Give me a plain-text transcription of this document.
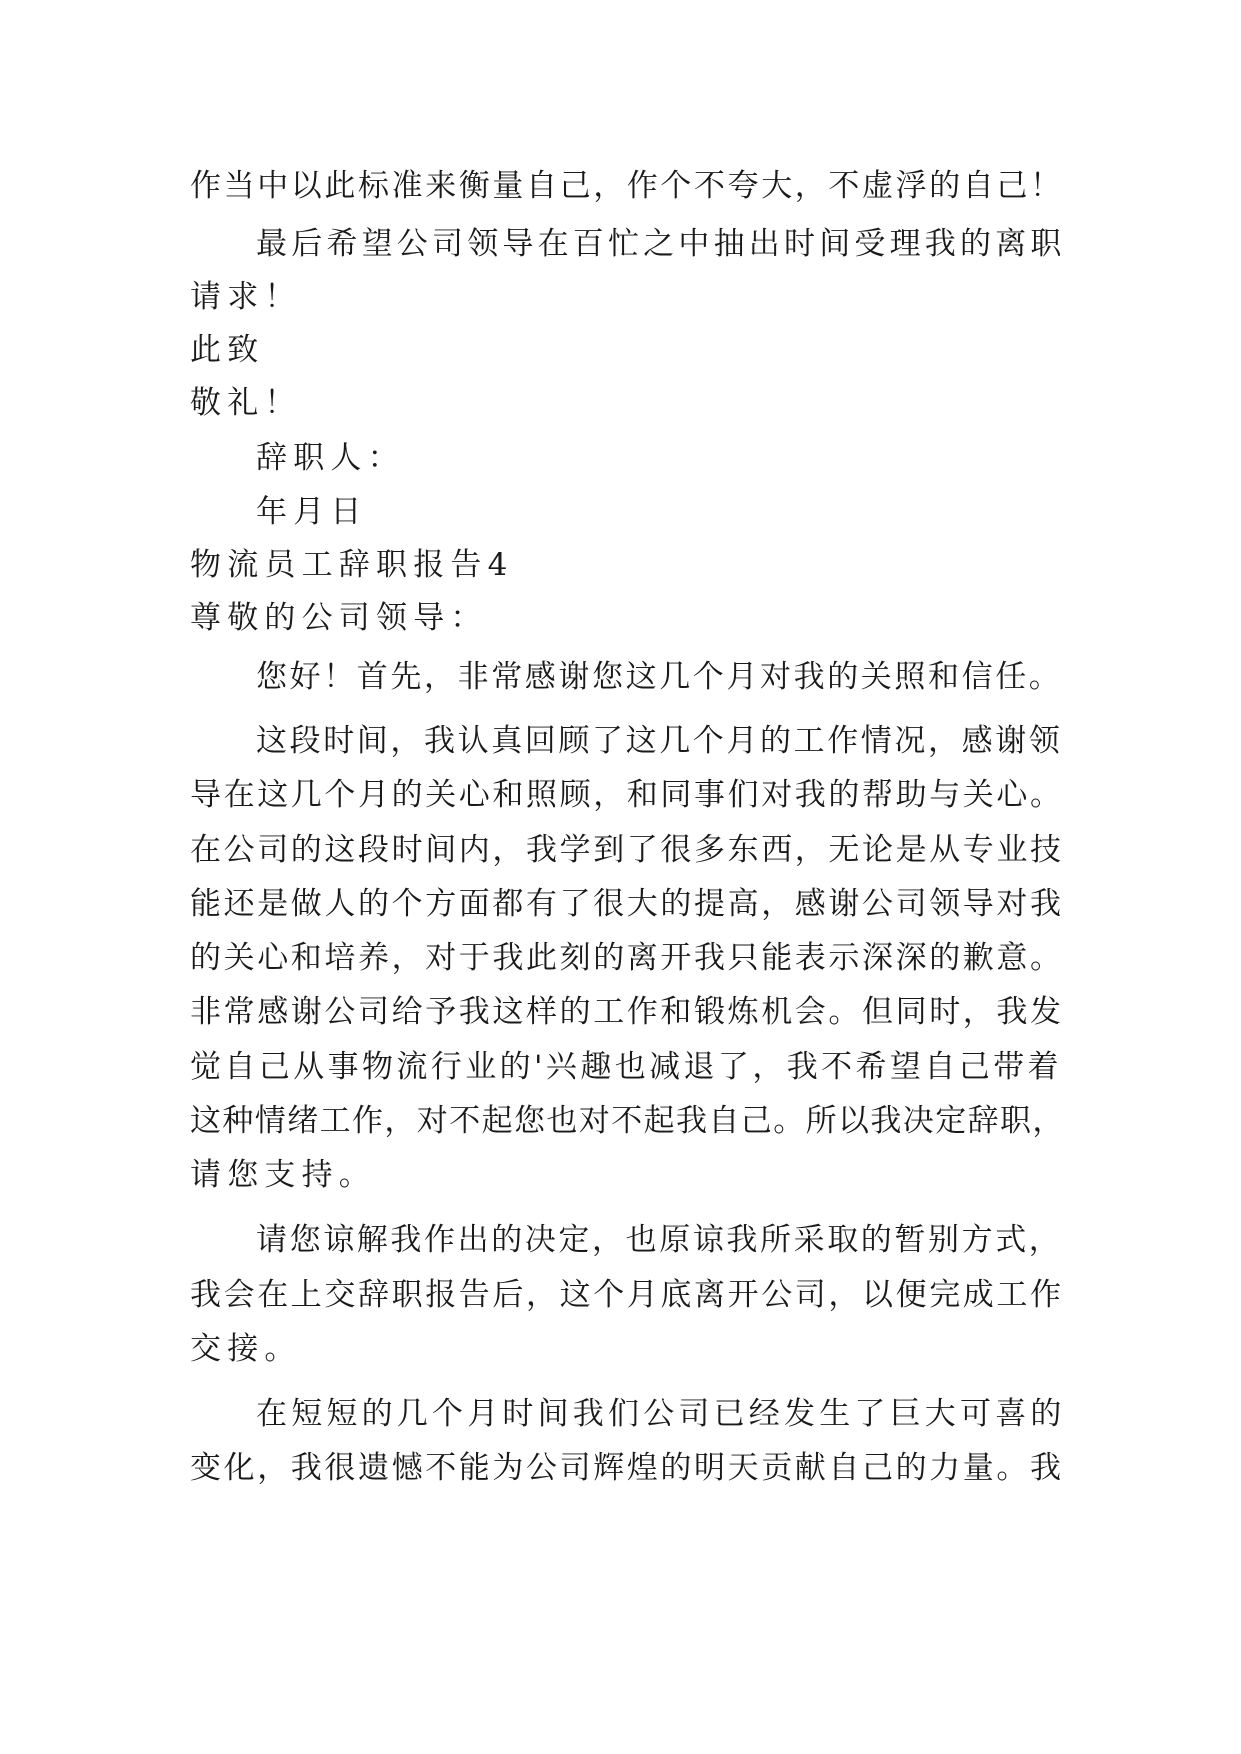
作当中以此标准来衡量自己，作个不夸大，不虚浮的自己！
最后希望公司领导在百忙之中抽出时间受理我的离职
请求！
此致
敬礼！
辞职人：
年月日
物流员工辞职报告4
尊敬的公司领导：
您好！首先，非常感谢您这几个月对我的关照和信任。
这段时间，我认真回顾了这几个月的工作情况，感谢领
导在这几个月的关心和照顾，和同事们对我的帮助与关心。
在公司的这段时间内，我学到了很多东西，无论是从专业技
能还是做人的个方面都有了很大的提高，感谢公司领导对我
的关心和培养，对于我此刻的离开我只能表示深深的歉意。
非常感谢公司给予我这样的工作和锻炼机会。但同时，我发
觉自己从事物流行业的'兴趣也减退了，我不希望自己带着
这种情绪工作，对不起您也对不起我自己。所以我决定辞职，
请您支持。
请您谅解我作出的决定，也原谅我所采取的暂别方式，
我会在上交辞职报告后，这个月底离开公司，以便完成工作
交接。
在短短的几个月时间我们公司已经发生了巨大可喜的
变化，我很遗憾不能为公司辉煌的明天贡献自己的力量。我
